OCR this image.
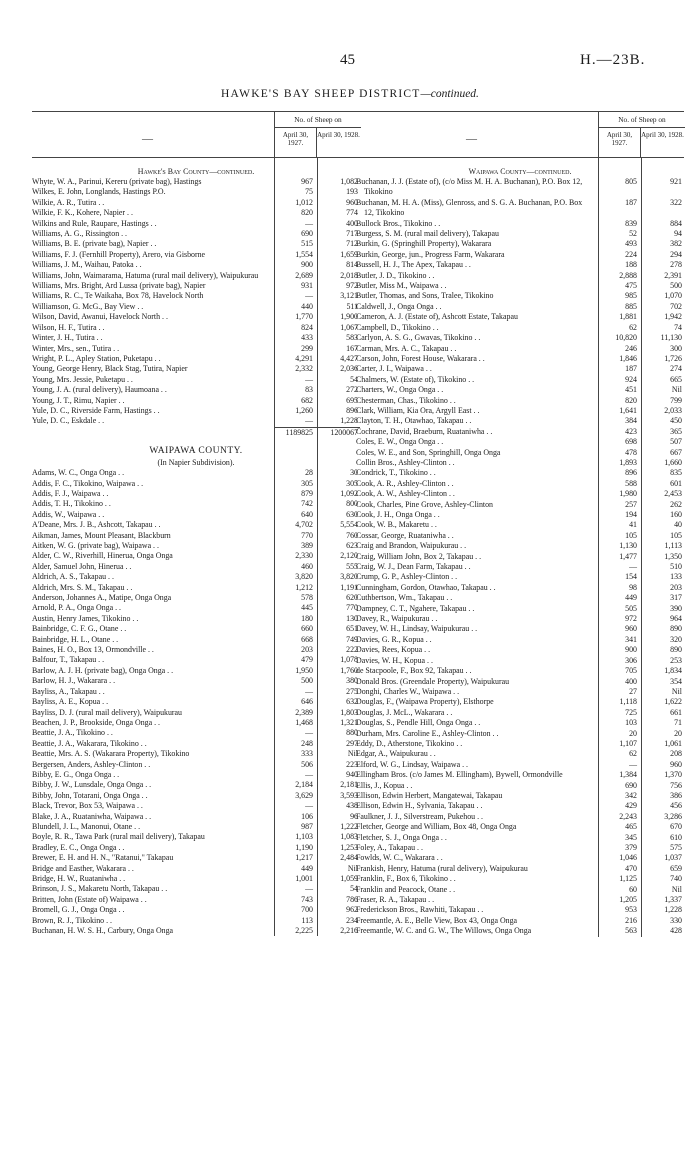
45	H.—23B.
HAWKE'S BAY SHEEP DISTRICT—continued.
—
No. of Sheep on
April 30, 1927.
April 30, 1928.
Hawke's Bay County—continued.
Whyte, W. A., Parinui, Kereru (private bag), Hastings	967	1,082
Wilkes, E. John, Longlands, Hastings P.O.	75	193
Wilkie, A. R., Tutira . .	1,012	960
Wilkie, F. K., Kohere, Napier . .	820	774
Wilkins and Rule, Raupare, Hastings . .	—	400
Williams, A. G., Rissington . .	690	717
Williams, B. E. (private bag), Napier . .	515	712
Williams, F. J. (Fernhill Property), Arero, via Gisborne	1,554	1,659
Williams, J. M., Waihau, Patoka . .	900	814
Williams, John, Waimarama, Hatuma (rural mail delivery), Waipukurau	2,689	2,018
Williams, Mrs. Bright, Ard Lussa (private bag), Napier	931	972
Williams, R. C., Te Waikaha, Box 78, Havelock North	—	3,121
Williamson, G. McG., Bay View . .	440	511
Wilson, David, Awanui, Havelock North . .	1,770	1,900
Wilson, H. F., Tutira . .	824	1,067
Winter, J. H., Tutira . .	433	583
Winter, Mrs., sen., Tutira . .	299	167
Wright, P. L., Apley Station, Puketapu . .	4,291	4,427
Young, George Henry, Black Stag, Tutira, Napier	2,332	2,036
Young, Mrs. Jessie, Puketapu . .	—	54
Young, J. A. (rural delivery), Haumoana . .	83	272
Young, J. T., Rimu, Napier . .	682	695
Yule, D. C., Riverside Farm, Hastings . .	1,260	896
Yule, D. C., Eskdale . .	—	1,228
1189825	1200067
WAIPAWA COUNTY.
(In Napier Subdivision).
Adams, W. C., Onga Onga . .	28	30
Addis, F. C., Tikokino, Waipawa . .	305	305
Addis, F. J., Waipawa . .	879	1,092
Addis, T. H., Tikokino . .	742	800
Addis, W., Waipawa . .	640	630
A'Deane, Mrs. J. B., Ashcott, Takapau . .	4,702	5,554
Aikman, James, Mount Pleasant, Blackburn	770	760
Aitken, W. G. (private bag), Waipawa . .	389	623
Alder, C. W., Riverhill, Hinerua, Onga Onga	2,330	2,120
Alder, Samuel John, Hinerua . .	460	555
Aldrich, A. S., Takapau . .	3,820	3,820
Aldrich, Mrs. S. M., Takapau . .	1,212	1,191
Anderson, Johannes A., Matipe, Onga Onga	578	620
Arnold, P. A., Onga Onga . .	445	770
Austin, Henry James, Tikokino . .	180	130
Bainbridge, C. F. G., Otane . .	660	651
Bainbridge, H. L., Otane . .	668	749
Baines, H. O., Box 13, Ormondville . .	203	222
Balfour, T., Takapau . .	479	1,078
Barlow, A. J. H. (private bag), Onga Onga . .	1,950	1,760
Barlow, H. J., Wakarara . .	500	380
Bayliss, A., Takapau . .	—	275
Bayliss, A. E., Kopua . .	646	632
Bayliss, D. J. (rural mail delivery), Waipukurau	2,389	1,803
Beachen, J. P., Brookside, Onga Onga . .	1,468	1,321
Beattie, J. A., Tikokino . .	—	880
Beattie, J. A., Wakarara, Tikokino . .	248	297
Beattie, Mrs. A. S. (Wakarara Property), Tikokino	333	Nil
Bergersen, Anders, Ashley-Clinton . .	506	223
Bibby, E. G., Onga Onga . .	—	940
Bibby, J. W., Lunsdale, Onga Onga . .	2,184	2,181
Bibby, John, Totarani, Onga Onga . .	3,629	3,593
Black, Trevor, Box 53, Waipawa . .	—	438
Blake, J. A., Ruataniwha, Waipawa . .	106	96
Blundell, J. L., Manonui, Otane . .	987	1,222
Boyle, R. R., Tawa Park (rural mail delivery), Takapau	1,103	1,083
Bradley, E. C., Onga Onga . .	1,190	1,253
Brewer, E. H. and H. N., "Ratanui," Takapau	1,217	2,484
Bridge and Easther, Wakarara . .	449	Nil
Bridge, H. W., Ruataniwha . .	1,001	1,059
Brinson, J. S., Makaretu North, Takapau . .	—	54
Britten, John (Estate of) Waipawa . .	743	786
Bromell, G. J., Onga Onga . .	700	962
Brown, R. J., Tikokino . .	113	234
Buchanan, H. W. S. H., Carbury, Onga Onga	2,225	2,216
—
No. of Sheep on
April 30, 1927.
April 30, 1928.
Waipawa County—continued.
Buchanan, J. J. (Estate of), (c/o Miss M. H. A. Buchanan), P.O. Box 12, Tikokino
805	921
Buchanan, M. H. A. (Miss), Glenross, and S. G. A. Buchanan, P.O. Box 12, Tikokino
187	322
Bullock Bros., Tikokino . .	839	884
Burgess, S. M. (rural mail delivery), Takapau	52	94
Burkin, G. (Springhill Property), Wakarara	493	382
Burkin, George, jun., Progress Farm, Wakarara	224	294
Bussell, H. J., The Apex, Takapau . .	188	278
Butler, J. D., Tikokino . .	2,888	2,391
Butler, Miss M., Waipawa . .	475	500
Butler, Thomas, and Sons, Tralee, Tikokino	985	1,070
Caldwell, J., Onga Onga . .	885	702
Cameron, A. J. (Estate of), Ashcott Estate, Takapau	1,881	1,942
Campbell, D., Tikokino . .	62	74
Carlyon, A. S. G., Gwavas, Tikokino . .	10,820	11,130
Carman, Mrs. A. C., Takapau . .	246	300
Carson, John, Forest House, Wakarara . .	1,846	1,726
Carter, J. I., Waipawa . .	187	274
Chalmers, W. (Estate of), Tikokino . .	924	665
Charters, W., Onga Onga . .	451	Nil
Chesterman, Chas., Tikokino . .	820	799
Clark, William, Kia Ora, Argyll East . .	1,641	2,033
Clayton, T. H., Otawhao, Takapau . .	384	450
Cochrane, David, Braeburn, Ruataniwha . .	423	365
Coles, E. W., Onga Onga . .	698	507
Coles, W. E., and Son, Springhill, Onga Onga	478	667
Collin Bros., Ashley-Clinton . .	1,893	1,660
Condrick, T., Tikokino . .	896	835
Cook, A. R., Ashley-Clinton . .	588	601
Cook, A. W., Ashley-Clinton . .	1,980	2,453
Cook, Charles, Pine Grove, Ashley-Clinton	257	262
Cook, J. H., Onga Onga . .	194	160
Cook, W. B., Makaretu . .	41	40
Cossar, George, Ruataniwha . .	105	105
Craig and Brandon, Waipukurau . .	1,130	1,113
Craig, William John, Box 2, Takapau . .	1,477	1,350
Craig, W. J., Dean Farm, Takapau . .	—	510
Crump, G. P., Ashley-Clinton . .	154	133
Cunningham, Gordon, Otawhao, Takapau . .	98	203
Cuthbertson, Wm., Takapau . .	449	317
Dampney, C. T., Ngahere, Takapau . .	505	390
Davey, R., Waipukurau . .	972	964
Davey, W. H., Lindsay, Waipukurau . .	960	890
Davies, G. R., Kopua . .	341	320
Davies, Rees, Kopua . .	900	890
Davies, W. H., Kopua . .	306	253
de Stacpoole, F., Box 92, Takapau . .	705	1,834
Donald Bros. (Greendale Property), Waipukurau	400	354
Donghi, Charles W., Waipawa . .	27	Nil
Douglas, F., (Waipawa Property), Elsthorpe	1,118	1,622
Douglas, J. McL., Wakarara . .	725	661
Douglas, S., Pendle Hill, Onga Onga . .	103	71
Durham, Mrs. Caroline E., Ashley-Clinton . .	20	20
Eddy, D., Atherstone, Tikokino . .	1,107	1,061
Edgar, A., Waipukurau . .	62	208
Elford, W. G., Lindsay, Waipawa . .	—	960
Ellingham Bros. (c/o James M. Ellingham), Bywell, Ormondville	1,384	1,370
Ellis, J., Kopua . .	690	756
Ellison, Edwin Herbert, Mangatewai, Takapau	342	386
Ellison, Edwin H., Sylvania, Takapau . .	429	456
Faulkner, J. J., Silverstream, Pukehou . .	2,243	3,286
Fletcher, George and William, Box 48, Onga Onga	465	670
Fletcher, S. J., Onga Onga . .	345	610
Foley, A., Takapau . .	379	575
Fowlds, W. C., Wakarara . .	1,046	1,037
Frankish, Henry, Hatuma (rural delivery), Waipukurau	470	659
Franklin, F., Box 6, Tikokino . .	1,125	740
Franklin and Peacock, Otane . .	60	Nil
Fraser, R. A., Takapau . .	1,205	1,337
Frederickson Bros., Rawhiti, Takapau . .	953	1,228
Freemantle, A. E., Belle View, Box 43, Onga Onga	216	330
Freemantle, W. C. and G. W., The Willows, Onga Onga	563	428
